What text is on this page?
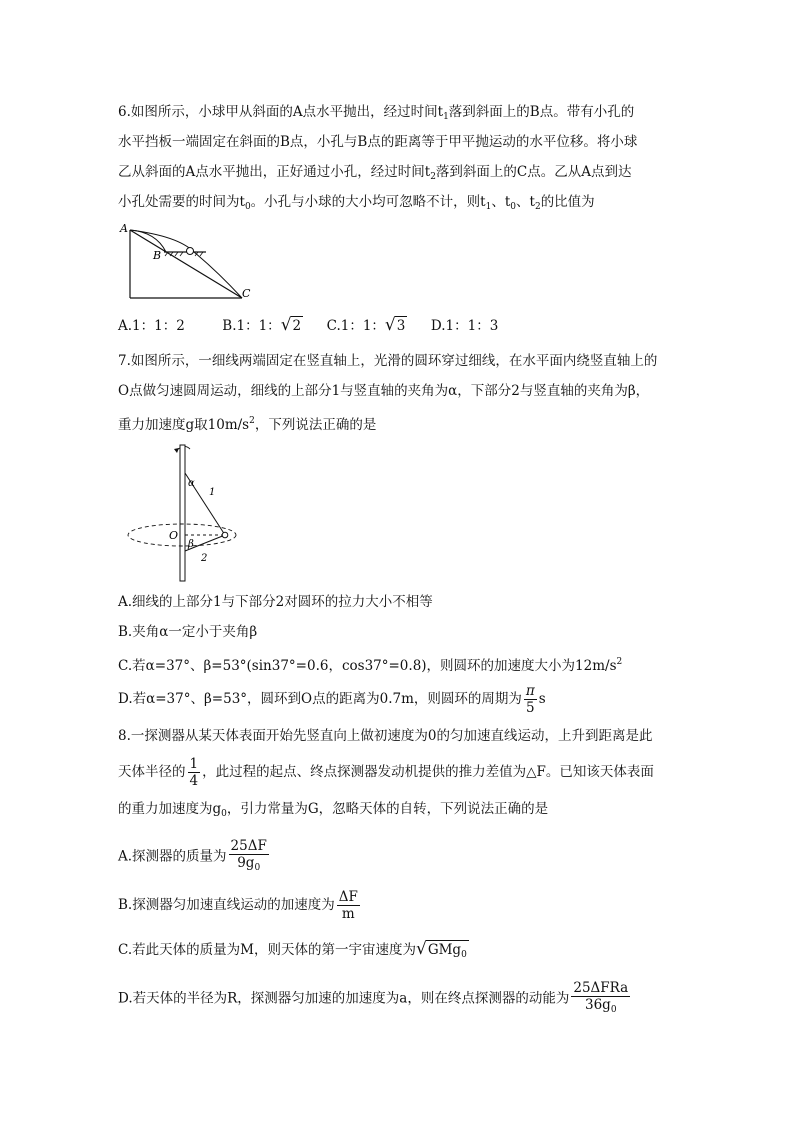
6.如图所示，小球甲从斜面的A点水平抛出，经过时间$t_1$落到斜面上的B点。带有小孔的
水平挡板一端固定在斜面的B点，小孔与B点的距离等于甲平抛运动的水平位移。将小球
乙从斜面的A点水平抛出，正好通过小孔，经过时间$t_2$落到斜面上的C点。乙从A点到达
小孔处需要的时间为$t_0$。小孔与小球的大小均可忽略不计，则$t_1$、$t_0$、$t_2$的比值为
A
B
C
A.1：1：2	B.1：1：√2 C.1：1：√3 D.1：1：3
7.如图所示，一细线两端固定在竖直轴上，光滑的圆环穿过细线，在水平面内绕竖直轴上的
O点做匀速圆周运动，细线的上部分1与竖直轴的夹角为α，下部分2与竖直轴的夹角为β，
重力加速度g取$10m/s^2$，下列说法正确的是
α
1
O
β
2
A.细线的上部分1与下部分2对圆环的拉力大小不相等
B.夹角α一定小于夹角β
C.若α=37°、β=53°(sin37°=0.6，cos37°=0.8)，则圆环的加速度大小为$12m/s^2$
D.若α=37°、β=53°，圆环到O点的距离为0.7m，则圆环的周期为 $\frac{\pi}{5}$ s
8.一探测器从某天体表面开始先竖直向上做初速度为0的匀加速直线运动，上升到距离是此
天体半径的 $\frac{1}{4}$ ，此过程的起点、终点探测器发动机提供的推力差值为△F。已知该天体表面
的重力加速度为$g_0$，引力常量为G，忽略天体的自转，下列说法正确的是
A.探测器的质量为 $\frac{25\Delta F}{9g_0}$
B.探测器匀加速直线运动的加速度为 $\frac{\Delta F}{m}$
C.若此天体的质量为M，则天体的第一宇宙速度为√GMg$_0$
D.若天体的半径为R，探测器匀加速的加速度为a，则在终点探测器的动能为 $\frac{\text{25ΔFRa}}{36g_0}$
